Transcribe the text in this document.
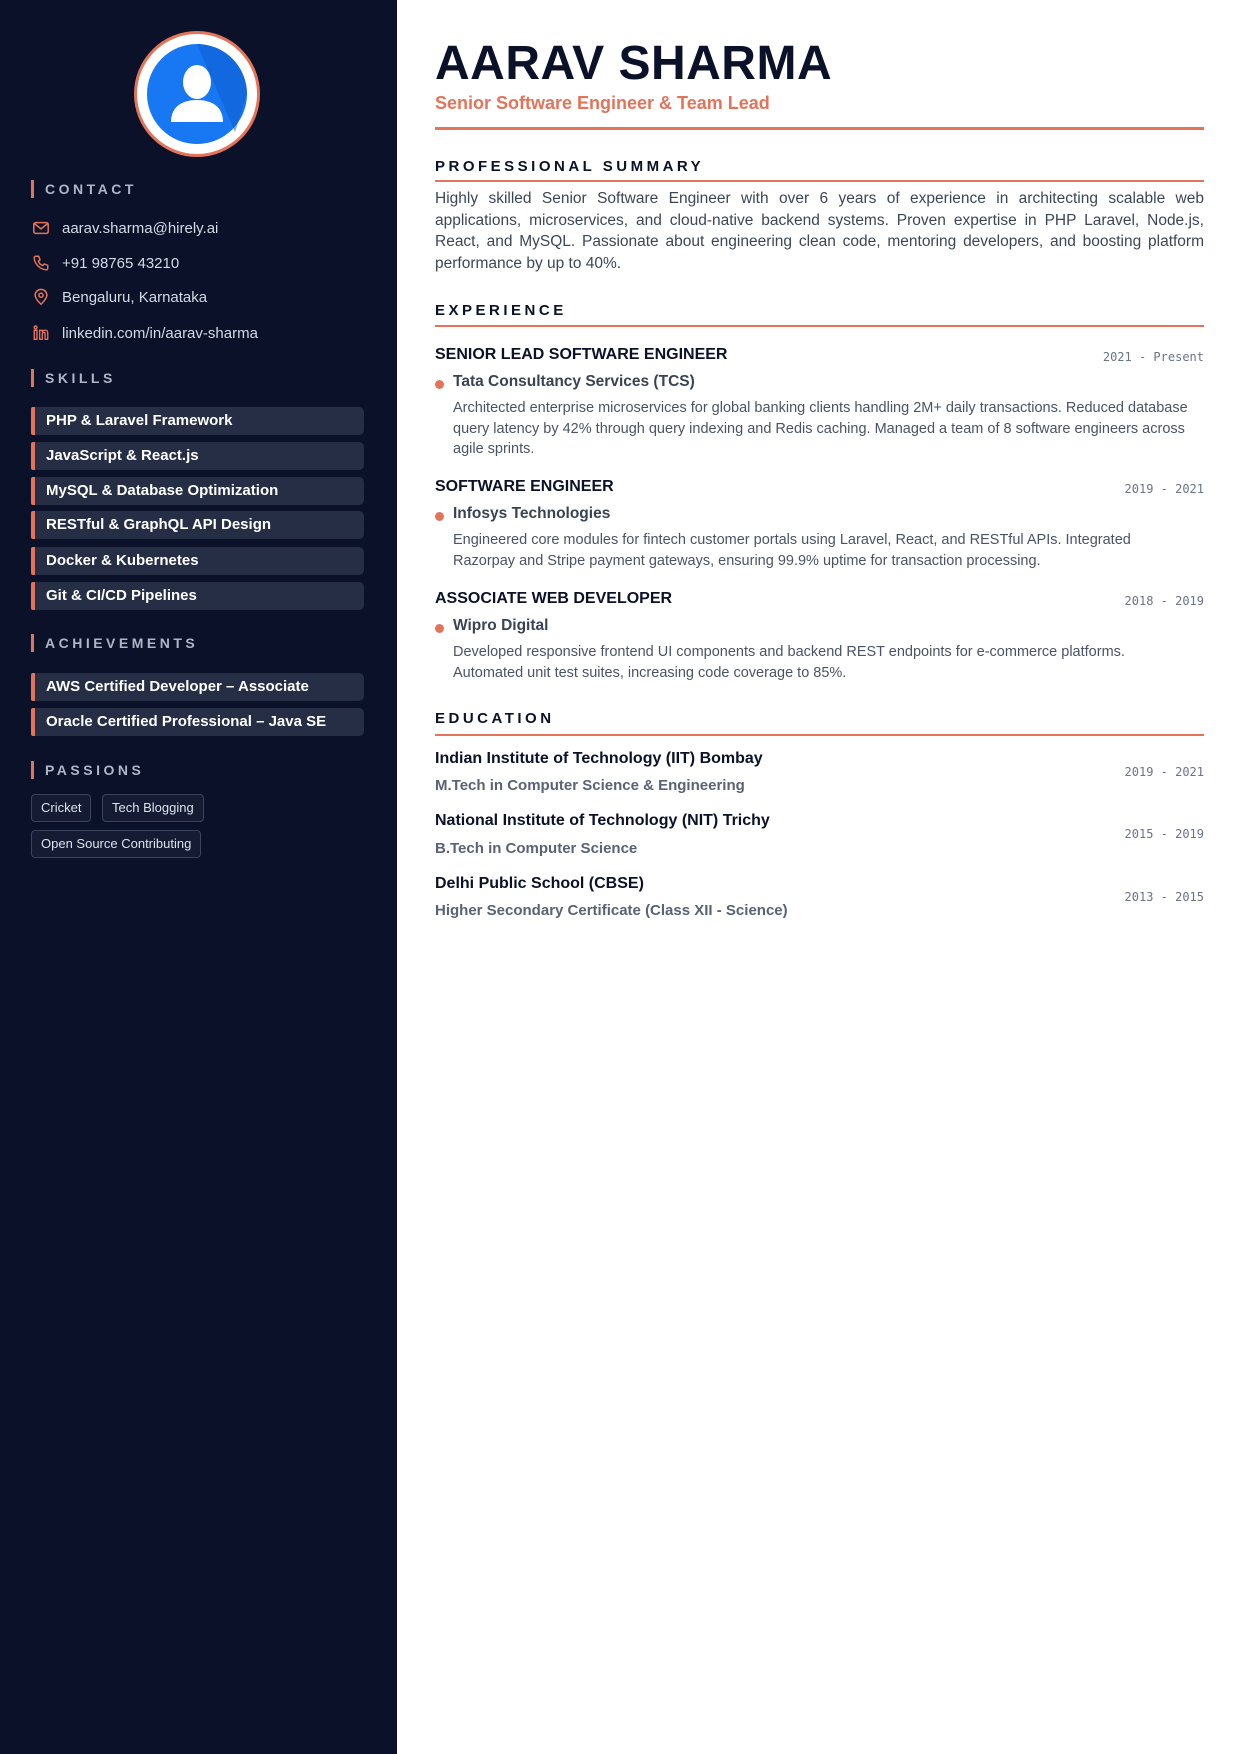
CONTACT
aarav.sharma@hirely.ai
+91 98765 43210
Bengaluru, Karnataka
linkedin.com/in/aarav-sharma
SKILLS
PHP & Laravel Framework
JavaScript & React.js
MySQL & Database Optimization
RESTful & GraphQL API Design
Docker & Kubernetes
Git & CI/CD Pipelines
ACHIEVEMENTS
AWS Certified Developer – Associate
Oracle Certified Professional – Java SE
PASSIONS
Cricket	Tech Blogging
Open Source Contributing
AARAV SHARMA
Senior Software Engineer & Team Lead
PROFESSIONAL SUMMARY
Highly skilled Senior Software Engineer with over 6 years of experience in architecting scalable web applications, microservices, and cloud-native backend systems. Proven expertise in PHP Laravel, Node.js, React, and MySQL. Passionate about engineering clean code, mentoring developers, and boosting platform performance by up to 40%.
EXPERIENCE
SENIOR LEAD SOFTWARE ENGINEER	2021 - Present
Tata Consultancy Services (TCS)
Architected enterprise microservices for global banking clients handling 2M+ daily transactions. Reduced database query latency by 42% through query indexing and Redis caching. Managed a team of 8 software engineers across agile sprints.
SOFTWARE ENGINEER	2019 - 2021
Infosys Technologies
Engineered core modules for fintech customer portals using Laravel, React, and RESTful APIs. Integrated Razorpay and Stripe payment gateways, ensuring 99.9% uptime for transaction processing.
ASSOCIATE WEB DEVELOPER	2018 - 2019
Wipro Digital
Developed responsive frontend UI components and backend REST endpoints for e-commerce platforms. Automated unit test suites, increasing code coverage to 85%.
EDUCATION
Indian Institute of Technology (IIT) Bombay
2019 - 2021
M.Tech in Computer Science & Engineering
National Institute of Technology (NIT) Trichy
2015 - 2019
B.Tech in Computer Science
Delhi Public School (CBSE)
2013 - 2015
Higher Secondary Certificate (Class XII - Science)
